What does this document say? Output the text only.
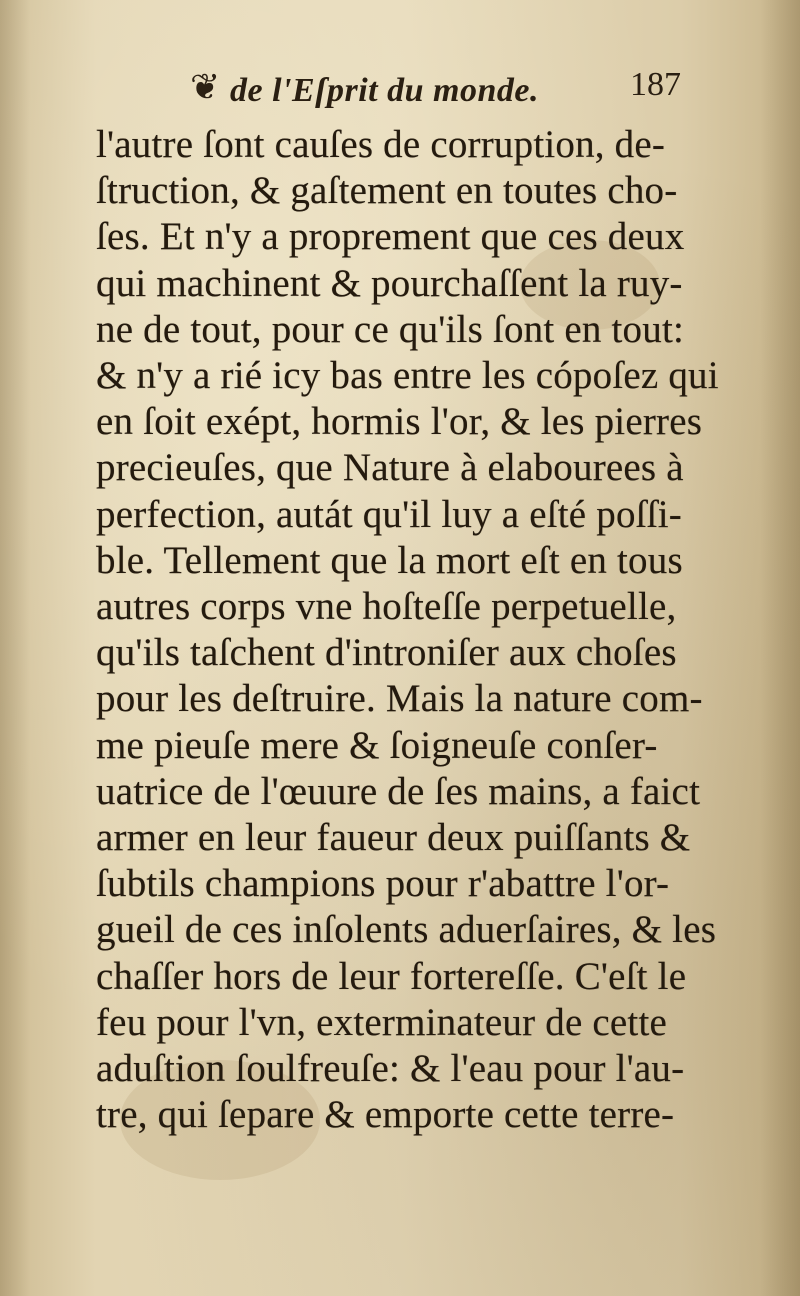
❦ de l'Eſprit du monde.	187
l'autre ſont cauſes de corruption, de-
ſtruction, & gaſtement en toutes cho-
ſes. Et n'y a proprement que ces deux
qui machinent & pourchaſſent la ruy-
ne de tout, pour ce qu'ils ſont en tout:
& n'y a rié icy bas entre les cópoſez qui
en ſoit exépt, hormis l'or, & les pierres
precieuſes, que Nature à elabourees à
perfection, autát qu'il luy a eſté poſſi-
ble. Tellement que la mort eſt en tous
autres corps vne hoſteſſe perpetuelle,
qu'ils taſchent d'introniſer aux choſes
pour les deſtruire. Mais la nature com-
me pieuſe mere & ſoigneuſe conſer-
uatrice de l'œuure de ſes mains, a faict
armer en leur faueur deux puiſſants &
ſubtils champions pour r'abattre l'or-
gueil de ces inſolents aduerſaires, & les
chaſſer hors de leur fortereſſe. C'eſt le
feu pour l'vn, exterminateur de cette
aduſtion ſoulfreuſe: & l'eau pour l'au-
tre, qui ſepare & emporte cette terre-
